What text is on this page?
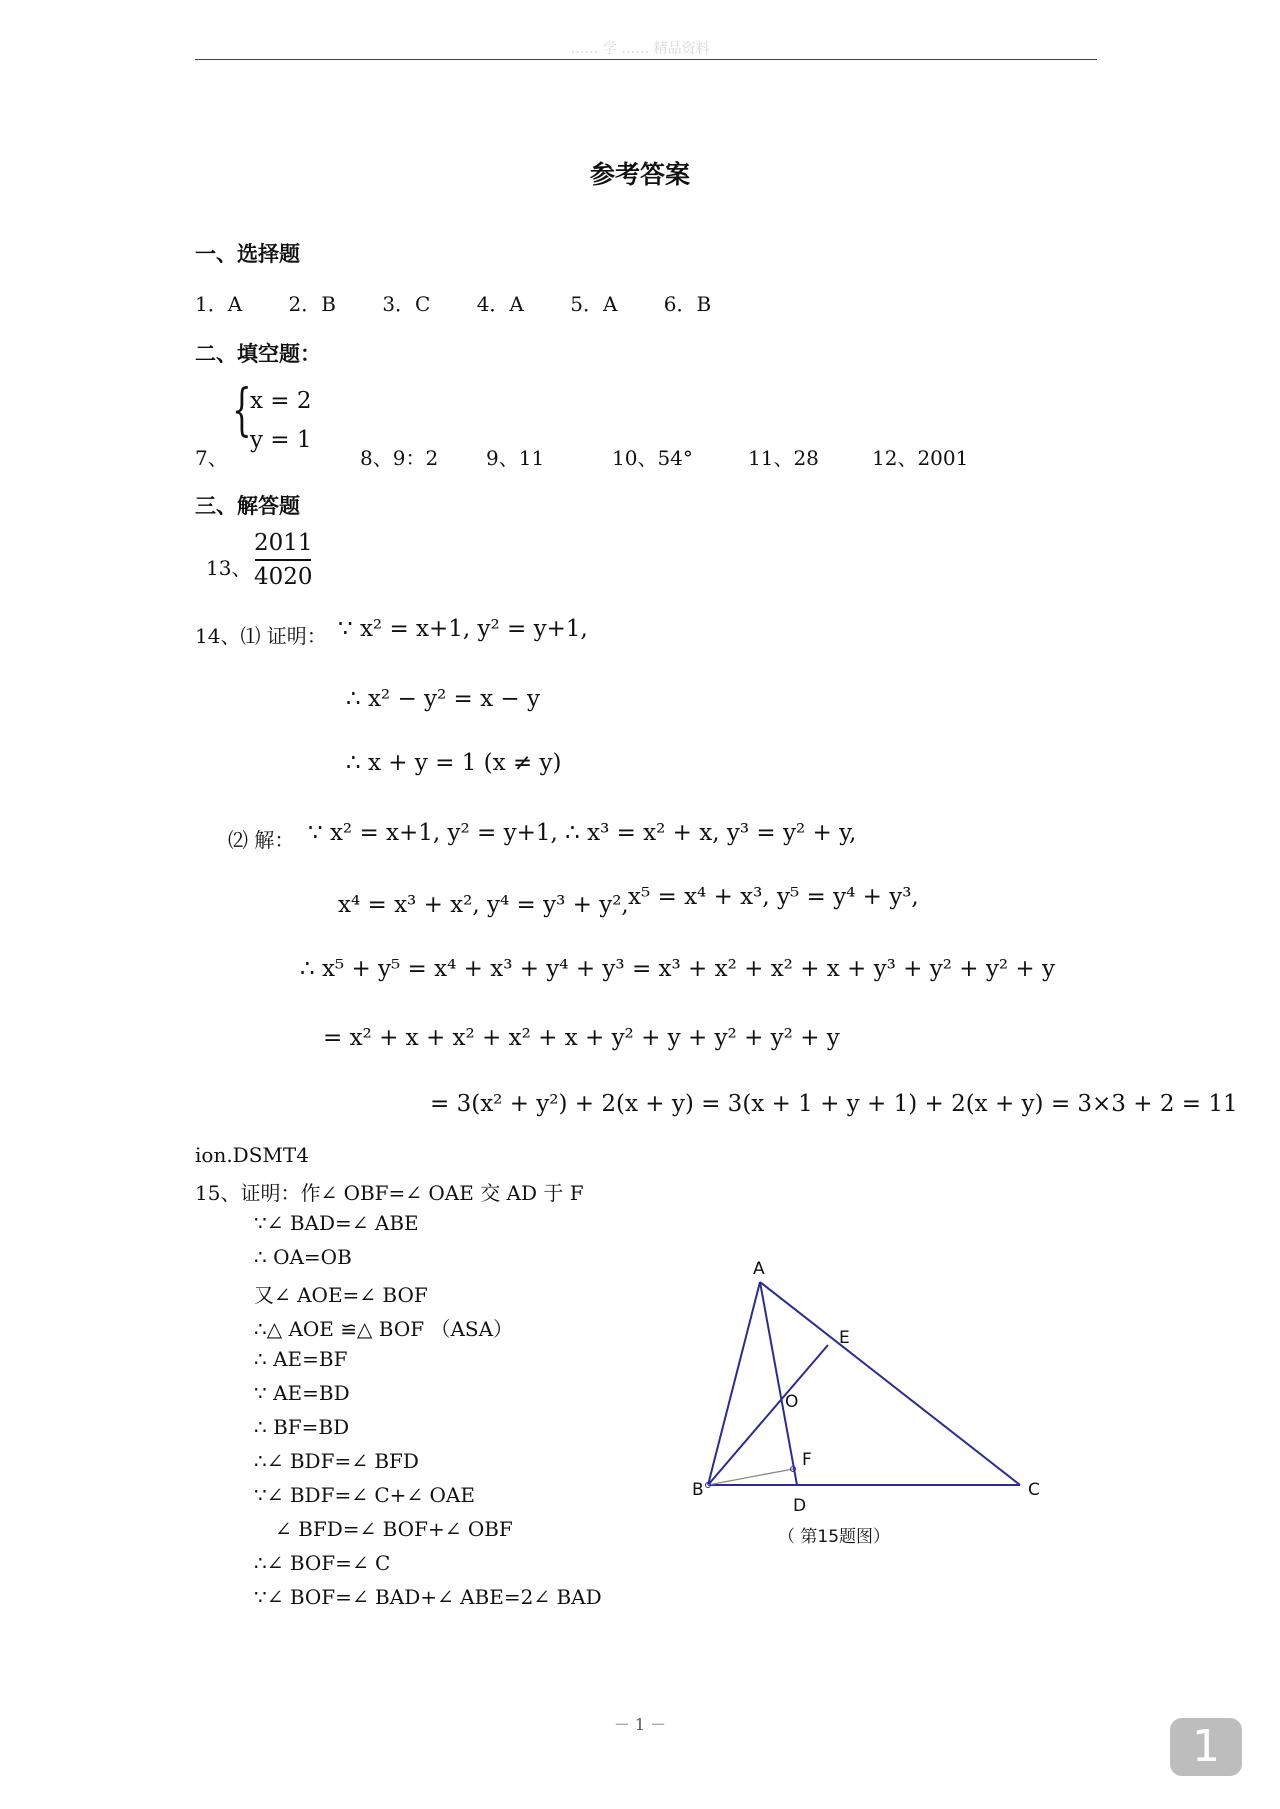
…… 学 …… 精品资料
参考答案
一、选择题
1．A 2．B 3．C 4．A 5．A 6．B
二、填空题：
7、
{
x = 2
y = 1
8、9：2 9、11	10、54°	11、28	12、2001
三、解答题
13、
2011
4020
14、⑴ 证明： ∵ x² = x+1, y² = y+1,
∴ x² − y² = x − y
∴ x + y = 1 (x ≠ y)
⑵ 解： ∵ x² = x+1, y² = y+1, ∴ x³ = x² + x, y³ = y² + y,
x⁴ = x³ + x², y⁴ = y³ + y², x⁵ = x⁴ + x³, y⁵ = y⁴ + y³,
∴ x⁵ + y⁵ = x⁴ + x³ + y⁴ + y³ = x³ + x² + x² + x + y³ + y² + y² + y
= x² + x + x² + x² + x + y² + y + y² + y² + y
= 3(x² + y²) + 2(x + y) = 3(x + 1 + y + 1) + 2(x + y) = 3×3 + 2 = 11
ion.DSMT4
15、证明：作∠ OBF=∠ OAE 交 AD 于 F
∵∠ BAD=∠ ABE
∴ OA=OB
又∠ AOE=∠ BOF
∴△ AOE ≌△ BOF （ASA）
∴ AE=BF
∵ AE=BD
∴ BF=BD
∴∠ BDF=∠ BFD
∵∠ BDF=∠ C+∠ OAE
∠ BFD=∠ BOF+∠ OBF
∴∠ BOF=∠ C
∵∠ BOF=∠ BAD+∠ ABE=2∠ BAD
A
B	C
D
E
F
O
（ 第15题图）
－ 1 －	1
